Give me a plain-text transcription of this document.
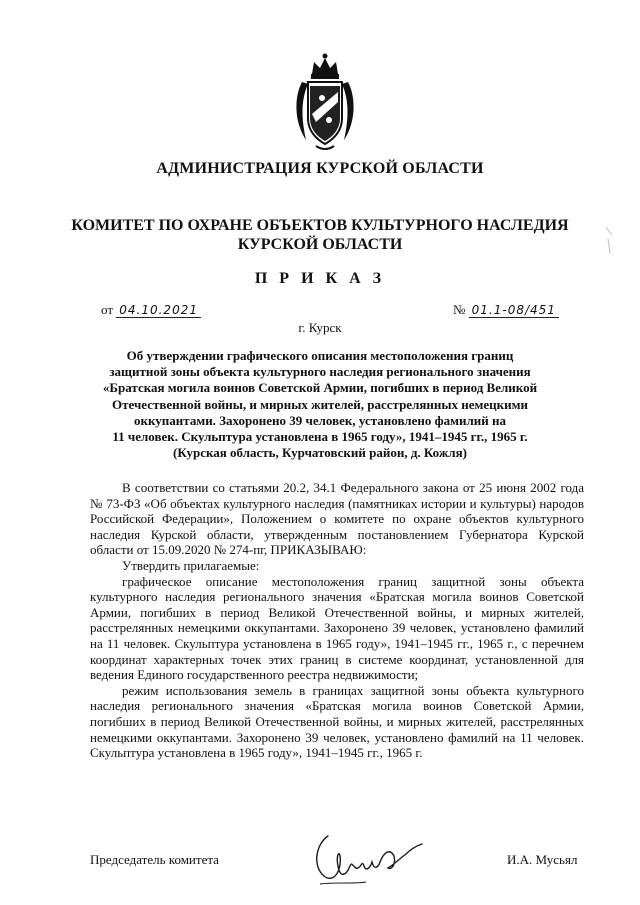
АДМИНИСТРАЦИЯ КУРСКОЙ ОБЛАСТИ
КОМИТЕТ ПО ОХРАНЕ ОБЪЕКТОВ КУЛЬТУРНОГО НАСЛЕДИЯ
КУРСКОЙ ОБЛАСТИ
П Р И К А З
от 04.10.2021	№ 01.1-08/451
г. Курск
Об утверждении графического описания местоположения границ
защитной зоны объекта культурного наследия регионального значения
«Братская могила воинов Советской Армии, погибших в период Великой
Отечественной войны, и мирных жителей, расстрелянных немецкими
оккупантами. Захоронено 39 человек, установлено фамилий на
11 человек. Скульптура установлена в 1965 году», 1941–1945 гг., 1965 г.
(Курская область, Курчатовский район, д. Кожля)

В соответствии со статьями 20.2, 34.1 Федерального закона от 25 июня 2002 года № 73-ФЗ «Об объектах культурного наследия (памятниках истории и культуры) народов Российской Федерации», Положением о комитете по охране объектов культурного наследия Курской области, утвержденным постановлением Губернатора Курской области от 15.09.2020 № 274-пг, ПРИКАЗЫВАЮ:

Утвердить прилагаемые:

графическое описание местоположения границ защитной зоны объекта культурного наследия регионального значения «Братская могила воинов Советской Армии, погибших в период Великой Отечественной войны, и мирных жителей, расстрелянных немецкими оккупантами. Захоронено 39 человек, установлено фамилий на 11 человек. Скульптура установлена в 1965 году», 1941–1945 гг., 1965 г., с перечнем координат характерных точек этих границ в системе координат, установленной для ведения Единого государственного реестра недвижимости;

режим использования земель в границах защитной зоны объекта культурного наследия регионального значения «Братская могила воинов Советской Армии, погибших в период Великой Отечественной войны, и мирных жителей, расстрелянных немецкими оккупантами. Захоронено 39 человек, установлено фамилий на 11 человек. Скульптура установлена в 1965 году», 1941–1945 гг., 1965 г.

Председатель комитета	И.А. Мусьял
